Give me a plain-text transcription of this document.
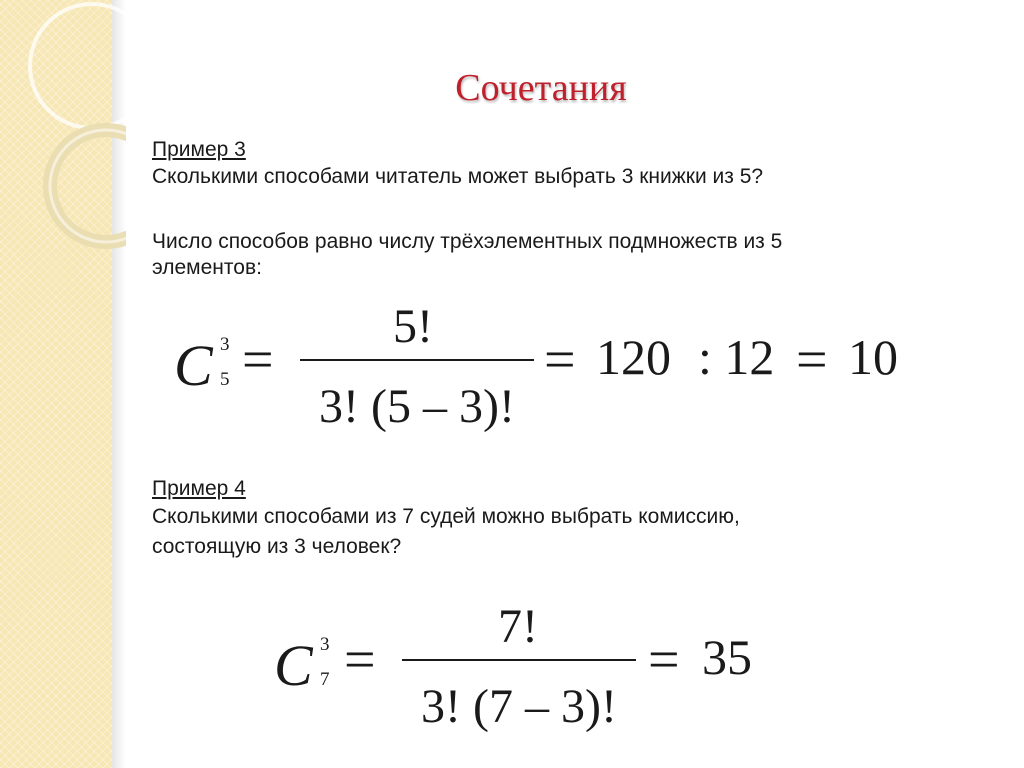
Сочетания
Пример 3
Сколькими способами читатель может выбрать 3 книжки из 5?
Число способов равно числу трёхэлементных подмножеств из 5
элементов:
C 3
5 =
5!
3! (5 – 3)!
= 120 : 12 = 10
Пример 4
Сколькими способами из 7 судей можно выбрать комиссию,
состоящую из 3 человек?
C 3
7 =
7!
3! (7 – 3)!
= 35
